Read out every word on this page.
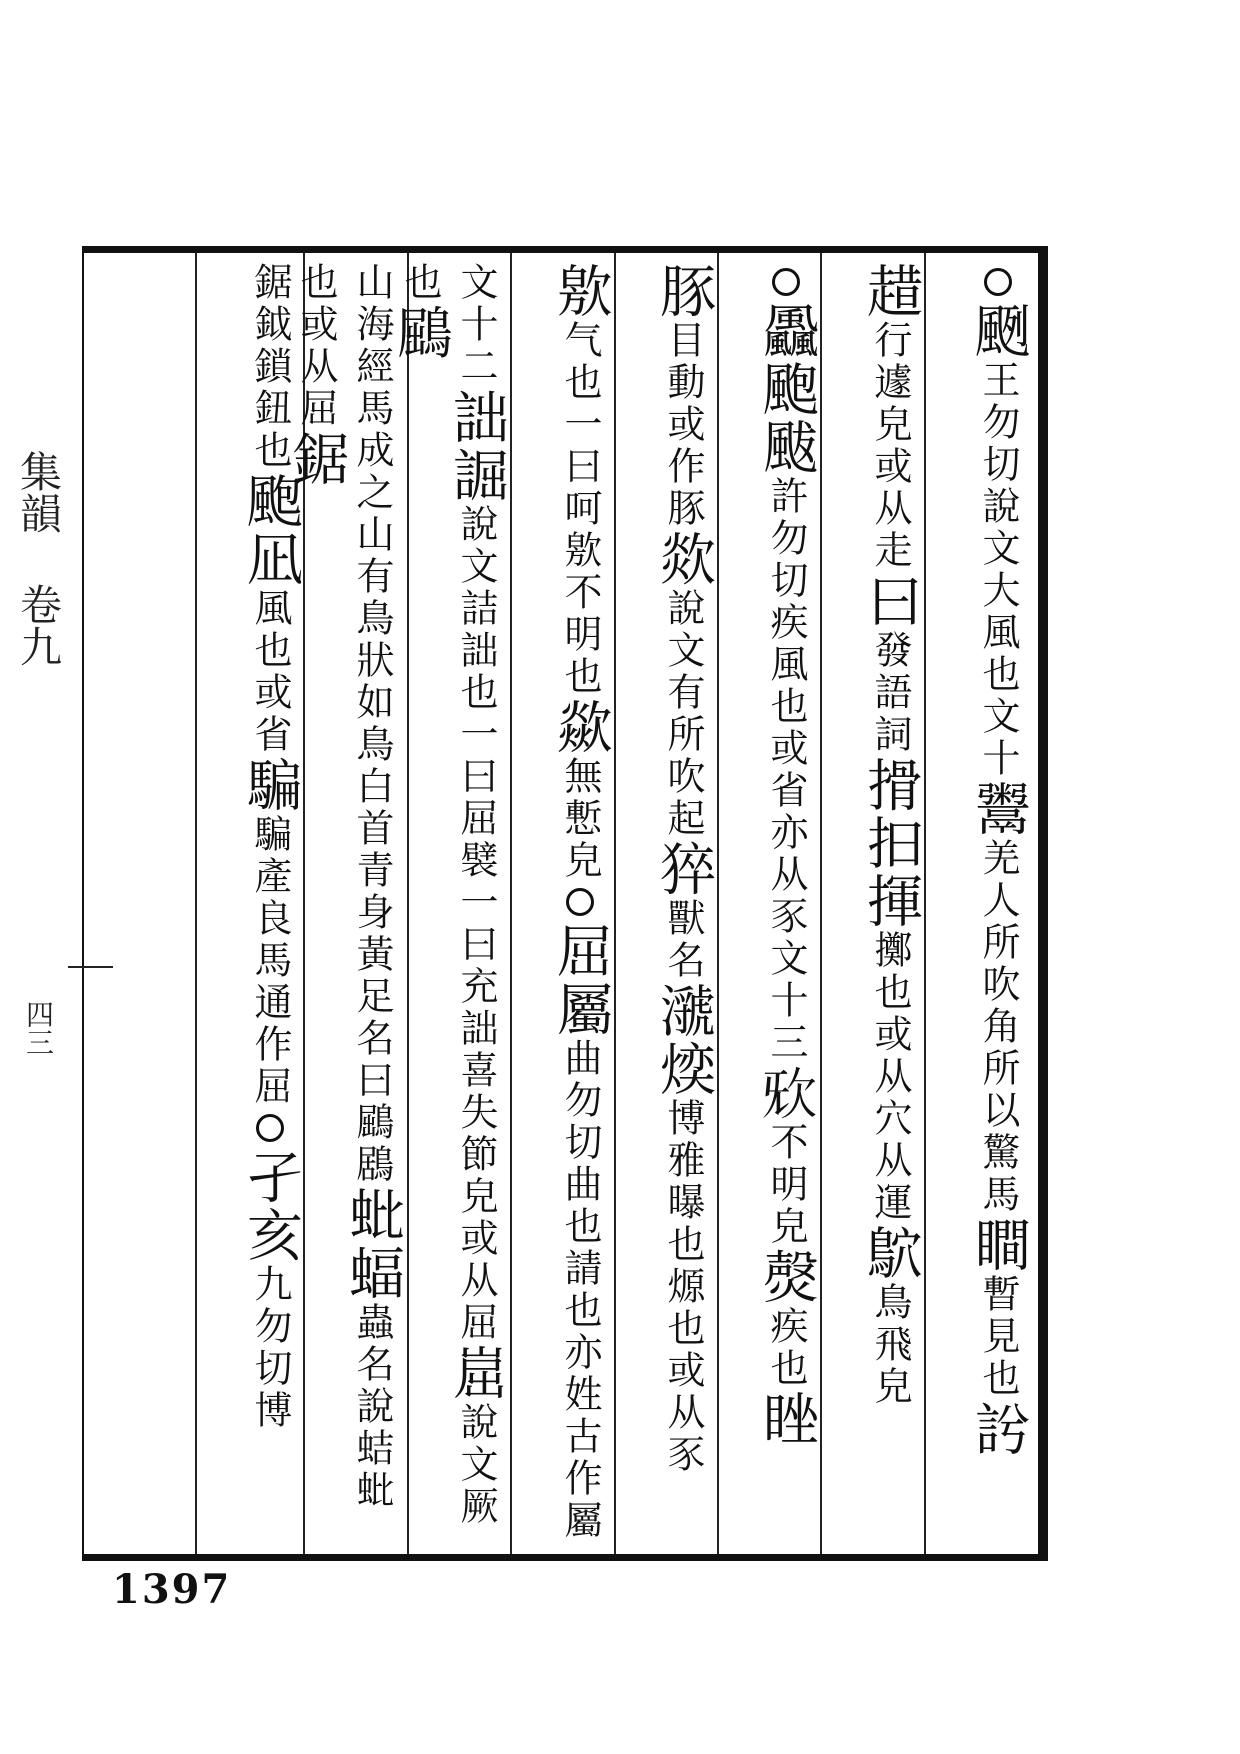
集韻 卷九
四三
颲王勿切說文大風也文十鬻羌人所吹角所以驚馬瞷暫見也䚷
趞行遽皃或从走曰發語詞搰抇揮擲也或从穴从運鴥鳥飛皃
飍颮颰許勿切疾風也或省亦从豕文十三𣢕不明皃㷫疾也睉
豚目動或作豚欻說文有所吹起猝獸名㶁㷜博雅曝也㷧也或从豕
㰾气也一曰呵㰾不明也歘無慙皃屈屬曲勿切曲也請也亦姓古作屬
文十二詘誳說文詰詘也一曰屈襞一曰充詘喜失節皃或从屈崫說文厥也鶌
山海經馬成之山有鳥狀如鳥白首青身黃足名曰鶌鶋蚍蝠蟲名說蛣蚍也或从屈鋸
鋸鉞鎖鈕也颮凪風也或省騙騙產良馬通作屈孑亥九勿切博
1397
